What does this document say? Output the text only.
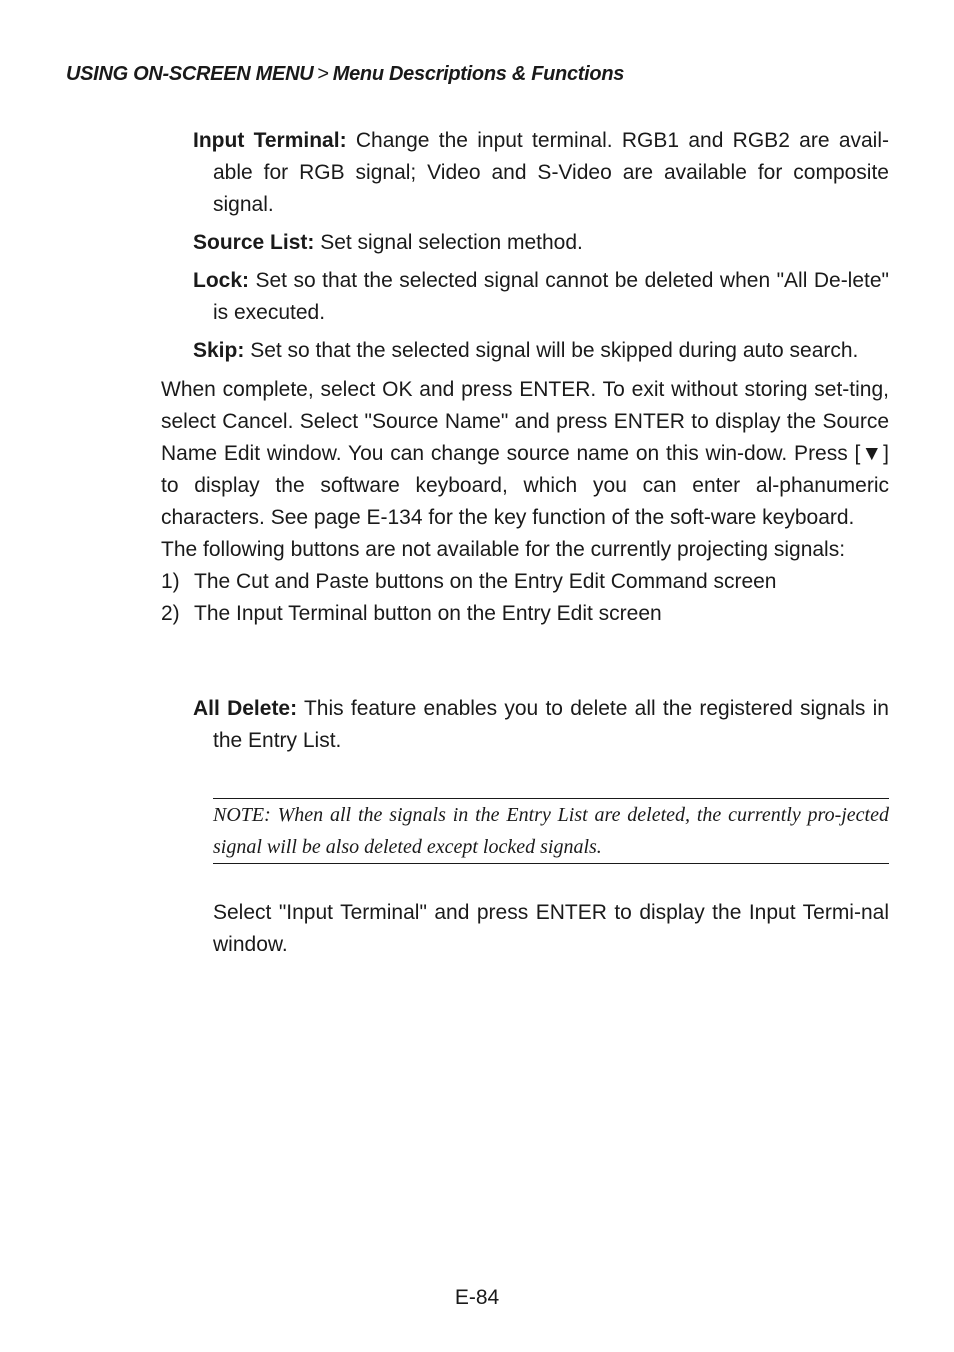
USING ON-SCREEN MENU > Menu Descriptions & Functions

Input Terminal: Change the input terminal. RGB1 and RGB2 are avail-able for RGB signal; Video and S-Video are available for composite signal.

Source List: Set signal selection method.

Lock: Set so that the selected signal cannot be deleted when "All De-lete" is executed.

Skip: Set so that the selected signal will be skipped during auto search.

When complete, select OK and press ENTER. To exit without storing set-ting, select Cancel. Select "Source Name" and press ENTER to display the Source Name Edit window. You can change source name on this win-dow. Press [▼] to display the software keyboard, which you can enter al-phanumeric characters. See page E-134 for the key function of the soft-ware keyboard.

The following buttons are not available for the currently projecting signals:

1) The Cut and Paste buttons on the Entry Edit Command screen
2) The Input Terminal button on the Entry Edit screen

All Delete: This feature enables you to delete all the registered signals in the Entry List.

NOTE: When all the signals in the Entry List are deleted, the currently pro-jected signal will be also deleted except locked signals.

Select "Input Terminal" and press ENTER to display the Input Termi-nal window.

E-84
